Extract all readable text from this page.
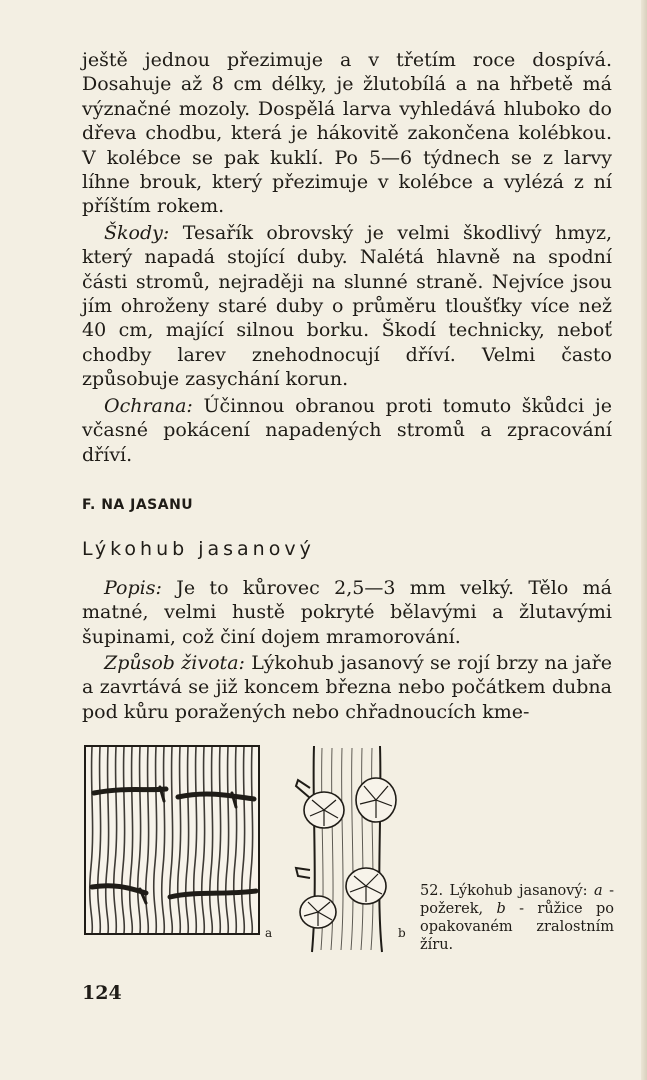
ještě jednou přezimuje a v třetím roce dospívá. Dosahuje až 8 cm délky, je žlutobílá a na hřbetě má význačné mozoly. Dospělá larva vyhledává hluboko do dřeva chodbu, která je hákovitě zakončena kolébkou. V kolébce se pak kuklí. Po 5—6 týdnech se z larvy líhne brouk, který přezimuje v kolébce a vylézá z ní příštím rokem.

Škody: Tesařík obrovský je velmi škodlivý hmyz, který napadá stojící duby. Nalétá hlavně na spodní části stromů, nejraději na slunné straně. Nejvíce jsou jím ohroženy staré duby o průměru tloušťky více než 40 cm, mající silnou borku. Škodí technicky, neboť chodby larev znehodnocují dříví. Velmi často způsobuje zasychání korun.

Ochrana: Účinnou obranou proti tomuto škůdci je včasné pokácení napadených stromů a zpracování dříví.

F. NA JASANU
Lýkohub jasanový

Popis: Je to kůrovec 2,5—3 mm velký. Tělo má matné, velmi hustě pokryté bělavými a žlutavými šupinami, což činí dojem mramorování.

Způsob života: Lýkohub jasanový se rojí brzy na jaře a zavrtává se již koncem března nebo počátkem dubna pod kůru poražených nebo chřadnoucích kme-

a	b
52. Lýkohub jasanový: a - požerek, b - růžice po opakovaném zralostním žíru.
124
